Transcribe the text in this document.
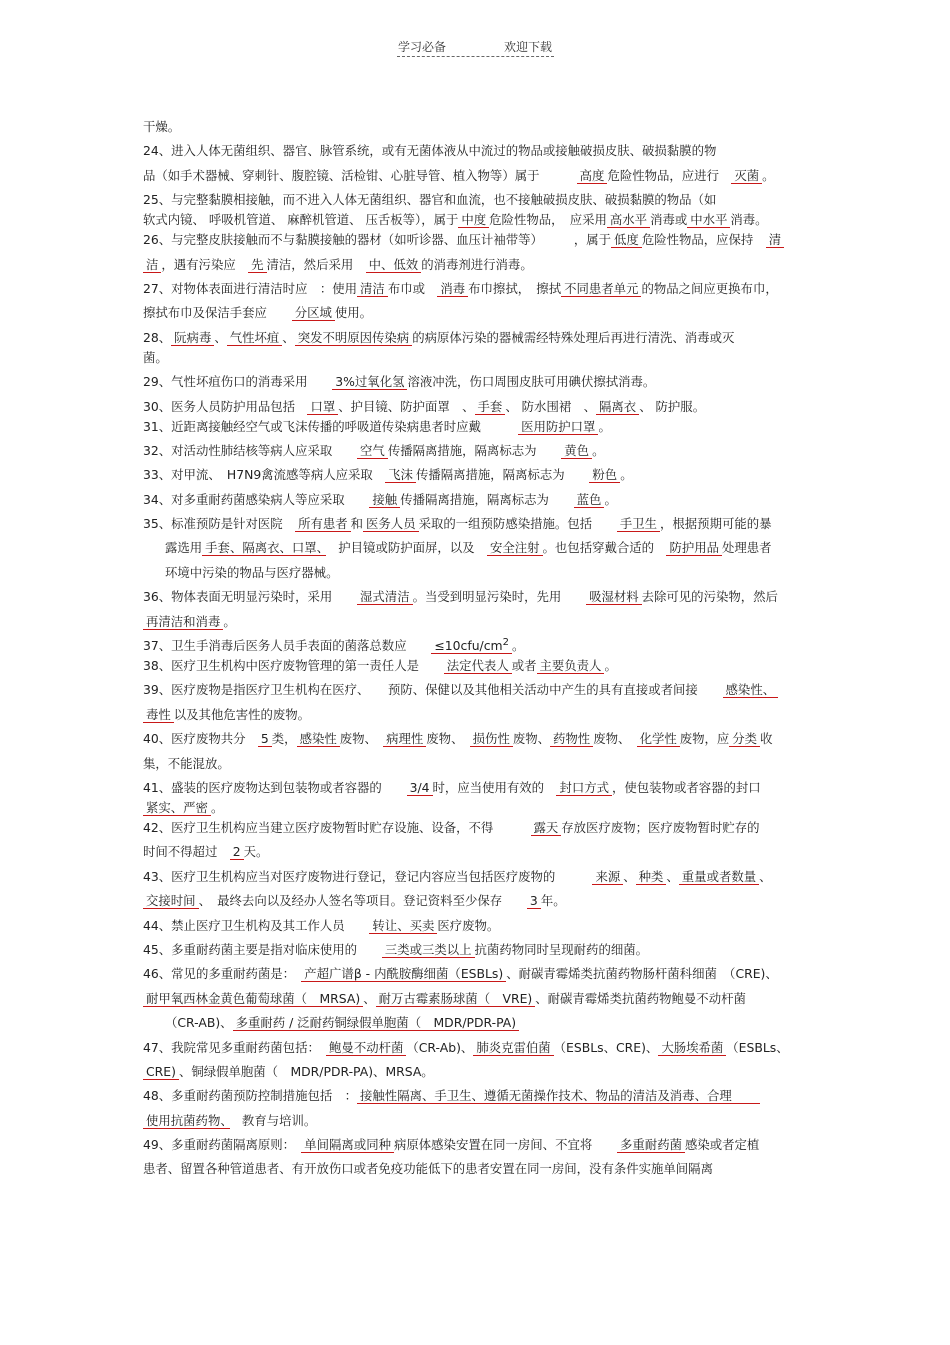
学习必备	欢迎下载
干燥。
24、进入人体无菌组织、器官、脉管系统，或有无菌体液从中流过的物品或接触破损皮肤、破损黏膜的物
品（如手术器械、穿刺针、腹腔镜、活检钳、心脏导管、植入物等）属于　　　高度 危险性物品，应进行　灭菌 。
25、与完整黏膜相接触，而不进入人体无菌组织、器官和血流，也不接触破损皮肤、破损黏膜的物品（如
软式内镜、 呼吸机管道、 麻醉机管道、 压舌板等），属于 中度 危险性物品，　应采用 高水平 消毒或 中水平 消毒。
26、与完整皮肤接触而不与黏膜接触的器材（如听诊器、血压计袖带等）　　　，属于 低度 危险性物品，应保持　清
洁 ，遇有污染应　先 清洁，然后采用　中、低效 的消毒剂进行消毒。
27、对物体表面进行清洁时应　：使用 清洁 布巾或　消毒 布巾擦拭，　擦拭 不同患者单元 的物品之间应更换布巾，
擦拭布巾及保洁手套应　　分区域 使用。
28、 阮病毒 、 气性坏疽 、 突发不明原因传染病 的病原体污染的器械需经特殊处理后再进行清洗、消毒或灭
菌。
29、气性坏疽伤口的消毒采用　　3%过氧化氢 溶液冲洗，伤口周围皮肤可用碘伏擦拭消毒。
30、医务人员防护用品包括　口罩 、护目镜、防护面罩　、 手套 、 防水围裙　、 隔离衣 、 防护服。
31、近距离接触经空气或飞沫传播的呼吸道传染病患者时应戴　　　医用防护口罩 。
32、对活动性肺结核等病人应采取　　空气 传播隔离措施，隔离标志为　　黄色 。
33、对甲流、　H7N9禽流感等病人应采取　飞沫 传播隔离措施，隔离标志为　　粉色 。
34、对多重耐药菌感染病人等应采取　　接触 传播隔离措施，隔离标志为　　蓝色 。
35、标准预防是针对医院　所有患者 和 医务人员 采取的一组预防感染措施。包括　　手卫生 ，根据预期可能的暴
露选用 手套、隔离衣、口罩、　护目镜或防护面屏，以及　安全注射 。也包括穿戴合适的　防护用品 处理患者
环境中污染的物品与医疗器械。
36、物体表面无明显污染时，采用　　湿式清洁 。当受到明显污染时，先用　　吸湿材料 去除可见的污染物，然后
再清洁和消毒 。
37、卫生手消毒后医务人员手表面的菌落总数应　　$\le 10cfu/cm^2$ 。
38、医疗卫生机构中医疗废物管理的第一责任人是　　法定代表人 或者 主要负责人 。
39、医疗废物是指医疗卫生机构在医疗、　　预防、保健以及其他相关活动中产生的具有直接或者间接　　感染性、
毒性 以及其他危害性的废物。
40、医疗废物共分　5 类， 感染性 废物、　病理性 废物、　损伤性 废物、 药物性 废物、　化学性 废物，应 分类 收
集，不能混放。
41、盛装的医疗废物达到包装物或者容器的　　3/4 时，应当使用有效的　封口方式 ，使包装物或者容器的封口
紧实、严密 。
42、医疗卫生机构应当建立医疗废物暂时贮存设施、设备，不得　　　露天 存放医疗废物；医疗废物暂时贮存的
时间不得超过　2 天。
43、医疗卫生机构应当对医疗废物进行登记，登记内容应当包括医疗废物的　　　来源 、 种类 、 重量或者数量 、
交接时间 、　最终去向以及经办人签名等项目。登记资料至少保存　　3 年。
44、禁止医疗卫生机构及其工作人员　　转让、买卖 医疗废物。
45、多重耐药菌主要是指对临床使用的　　三类或三类以上 抗菌药物同时呈现耐药的细菌。
46、常见的多重耐药菌是：　产超广谱β - 内酰胺酶细菌（ESBLs) 、耐碳青霉烯类抗菌药物肠杆菌科细菌　（CRE)、
耐甲氧西林金黄色葡萄球菌（　MRSA) 、 耐万古霉素肠球菌（　VRE) 、耐碳青霉烯类抗菌药物鲍曼不动杆菌
（CR-AB)、 多重耐药 / 泛耐药铜绿假单胞菌（　MDR/PDR-PA)
47、我院常见多重耐药菌包括：　鲍曼不动杆菌 （CR-Ab)、 肺炎克雷伯菌 （ESBLs、CRE)、 大肠埃希菌 （ESBLs、
CRE) 、铜绿假单胞菌（　MDR/PDR-PA)、MRSA。
48、多重耐药菌预防控制措施包括　： 接触性隔离、手卫生、遵循无菌操作技术、物品的清洁及消毒、合理　　
使用抗菌药物、　教育与培训。
49、多重耐药菌隔离原则：　单间隔离或同种 病原体感染安置在同一房间、不宜将　　多重耐药菌 感染或者定植
患者、留置各种管道患者、有开放伤口或者免疫功能低下的患者安置在同一房间，没有条件实施单间隔离
